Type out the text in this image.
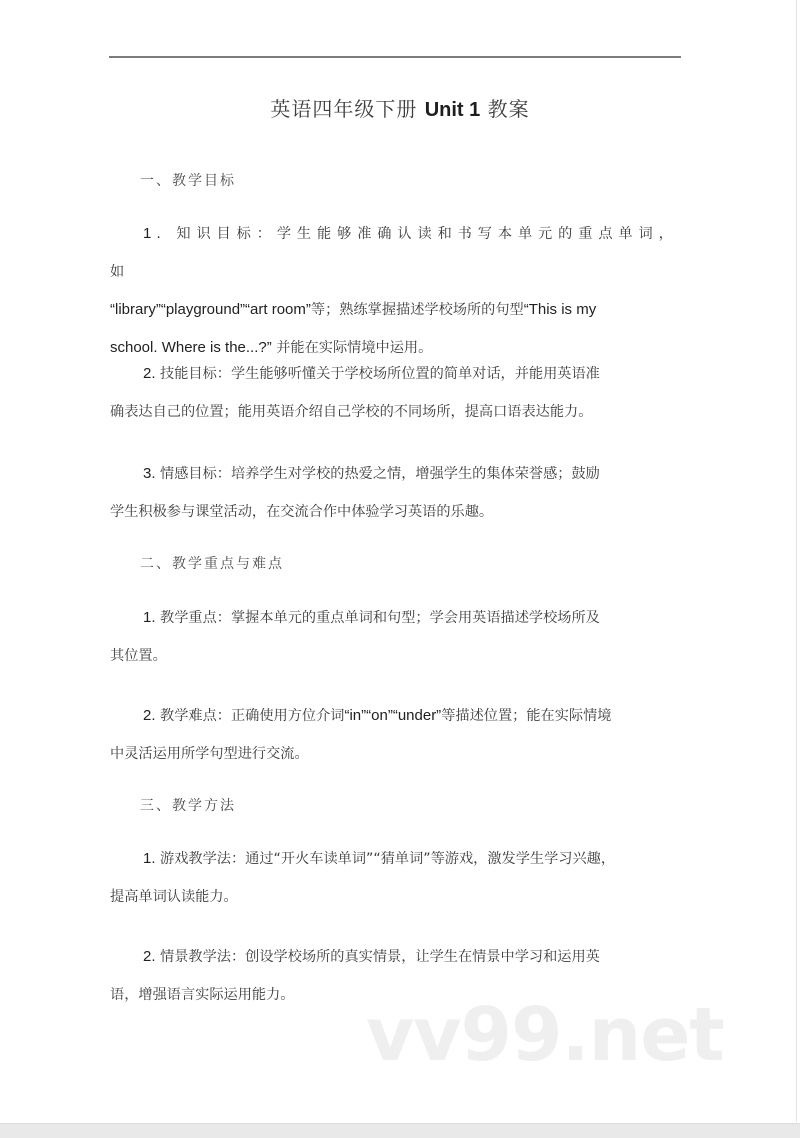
英语四年级下册 Unit 1 教案
一、教学目标
1. 知识目标：学生能够准确认读和书写本单元的重点单词，如
“library”“playground”“art room”等；熟练掌握描述学校场所的句型“This is my
school. Where is the...?” 并能在实际情境中运用。
2. 技能目标：学生能够听懂关于学校场所位置的简单对话，并能用英语准
确表达自己的位置；能用英语介绍自己学校的不同场所，提高口语表达能力。
3. 情感目标：培养学生对学校的热爱之情，增强学生的集体荣誉感；鼓励
学生积极参与课堂活动，在交流合作中体验学习英语的乐趣。
二、教学重点与难点
1. 教学重点：掌握本单元的重点单词和句型；学会用英语描述学校场所及
其位置。
2. 教学难点：正确使用方位介词“in”“on”“under”等描述位置；能在实际情境
中灵活运用所学句型进行交流。
三、教学方法
1. 游戏教学法：通过“开火车读单词”“猜单词”等游戏，激发学生学习兴趣，
提高单词认读能力。
2. 情景教学法：创设学校场所的真实情景，让学生在情景中学习和运用英
语，增强语言实际运用能力。 vv99.net
